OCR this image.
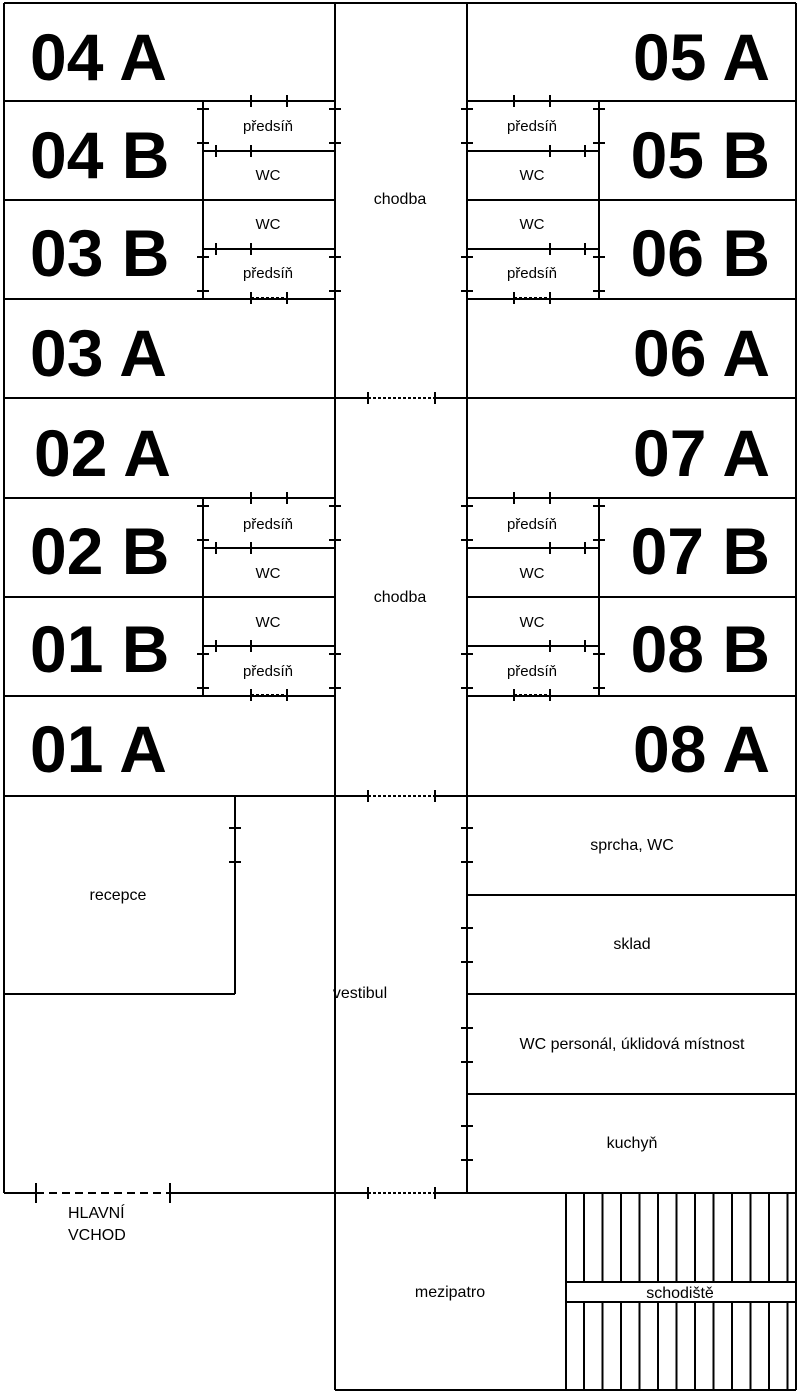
04 A
04 B
03 B
03 A
02 A
02 B
01 B
01 A
05 A
05 B
06 B
06 A
07 A
07 B
08 B
08 A
předsíň
WC
WC
předsíň
předsíň
WC
WC
předsíň
předsíň
WC
WC
předsíň
předsíň
WC
WC
předsíň
chodba
chodba
recepce
vestibul
sprcha, WC
sklad
WC personál, úklidová místnost
kuchyň
HLAVNÍ
VCHOD
mezipatro	schodiště
